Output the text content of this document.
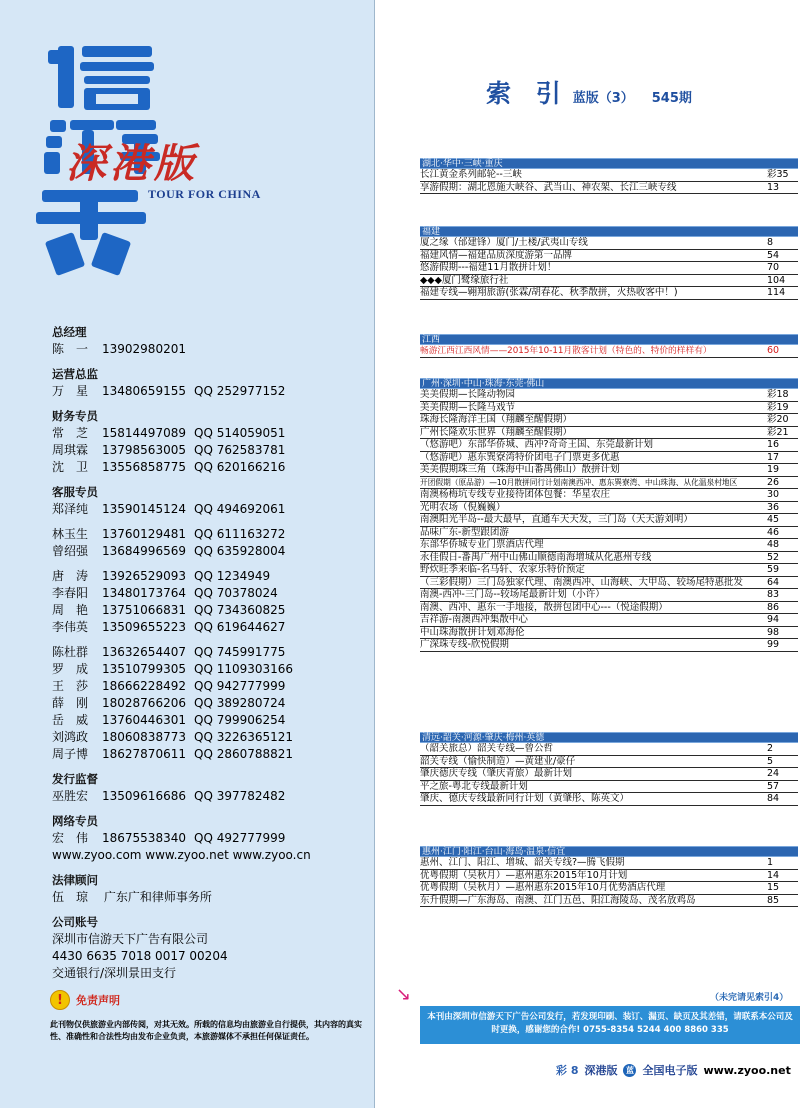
TOUR FOR CHINA
深港版
总经理
陈　一	13902980201
运营总监
万　星	13480659155 QQ 252977152
财务专员
常　芝	15814497089 QQ 514059051
周琪霖	13798563005 QQ 762583781
沈　卫	13556858775 QQ 620166216
客服专员
郑泽纯	13590145124 QQ 494692061
林玉生	13760129481 QQ 611163272
曾绍强	13684996569 QQ 635928004
唐　涛	13926529093 QQ 1234949
李春阳	13480173764 QQ 70378024
周　艳	13751066831 QQ 734360825
李伟英	13509655223 QQ 619644627
陈杜群	13632654407 QQ 745991775
罗　成	13510799305 QQ 1109303166
王　莎	18666228492 QQ 942777999
薛　刚	18028766206 QQ 389280724
岳　威	13760446301 QQ 799906254
刘鸿政	18060838773 QQ 3226365121
周子博	18627870611 QQ 2860788821
发行监督
巫胜宏	13509616686 QQ 397782482
网络专员
宏　伟	18675538340 QQ 492777999
www.zyoo.com www.zyoo.net www.zyoo.cn
法律顾问
伍　琼　 广东广和律师事务所
公司账号
深圳市信游天下广告有限公司
4430 6635 7018 0017 00204
交通银行/深圳景田支行
!	免责声明

此刊物仅供旅游业内部传阅，对其无效。所载的信息均由旅游业自行提供，其内容的真实性、准确性和合法性均由发布企业负责，本旅游媒体不承担任何保证责任。

索 引 蓝版（3） 545期
湖北·华中·三峡·重庆
长江黄金系列邮轮--三峡	彩35
享游假期：湖北恩施大峡谷、武当山、神农架、长江三峡专线	13
福建
厦之缘（邰建锋）厦门/土楼/武夷山专线	8
福建风情—福建品质深度游第一品牌	54
悠游假期---福建11月散拼计划！	70
◆◆◆厦门鹭缘旅行社	104
福建专线—翱翔旅游(张霖/胡春花、秋季散拼，火热收客中！)	114
江西
畅游江西江西风情——2015年10-11月散客计划（特色的、特价的样样有）	60
广州·深圳·中山·珠海·东莞·佛山
美美假期—长隆动物园	彩18
美美假期—长隆马戏节	彩19
珠海长隆海洋王国（翔麟至醒假期）	彩20
广州长隆欢乐世界（翔麟至醒假期）	彩21
（悠游吧）东部华侨城、西冲?奇奇王国、东莞最新计划	16
（悠游吧）惠东巽寮湾特价团电子门票更多优惠	17
美美假期珠三角（珠海中山番禺佛山）散拼计划	19
开团假期（原品游）—10月散拼同行计划南澳西冲、惠东巽寮湾、中山珠海、从化温泉村地区	26
南澳杨梅坑专线专业接待团体包餐：华星农庄	30
光明农场（倪巍巍）	36
南澳阳光半岛--最大最早，直通车天天发，三门岛（天天游刘明）	45
品味广东-新型跟团游	46
东部华侨城专业门票酒店代理	48
永佳假日-番禺广州中山佛山顺德南海增城从化惠州专线	52
野炊旺季来临-名马轩、农家乐特价预定	59
（三彩假期）三门岛独家代理、南澳西冲、山海峡、大甲岛、较场尾特惠批发	64
南澳-西冲-三门岛--较场尾最新计划（小许）	83
南澳、西冲、惠东一手地接，散拼包团中心---（悦途假期）	86
吉祥游-南澳西冲集散中心	94
中山珠海散拼计划邓海伦	98
广深珠专线-欣悦假期	99
清远·韶关·河源·肇庆·梅州·英德
（韶关旅总）韶关专线—曾公哲	2
韶关专线（愉快制造）—黄建业/豪仔	5
肇庆德庆专线（肇庆青旅）最新计划	24
平之旅-粤北专线最新计划	57
肇庆、德庆专线最新同行计划（黄肇彤、陈英文）	84
惠州·江门·阳江·台山·海岛·温泉·信宜
惠州、江门、阳江、增城、韶关专线?—腾飞假期	1
优粤假期（吴秋月）—惠州惠东2015年10月计划	14
优粤假期（吴秋月）—惠州惠东2015年10月优势酒店代理	15
东升假期—广东海岛、南澳、江门五邑、阳江海陵岛、茂名放鸡岛	85
↘	（未完请见索引4）
本刊由深圳市信游天下广告公司发行，若发现印刷、装订、漏页、缺页及其差错，请联系本公司及时更换，感谢您的合作! 0755-8354 5244 400 8860 335
彩 8 深港版	蓝 全国电子版 www.zyoo.net
